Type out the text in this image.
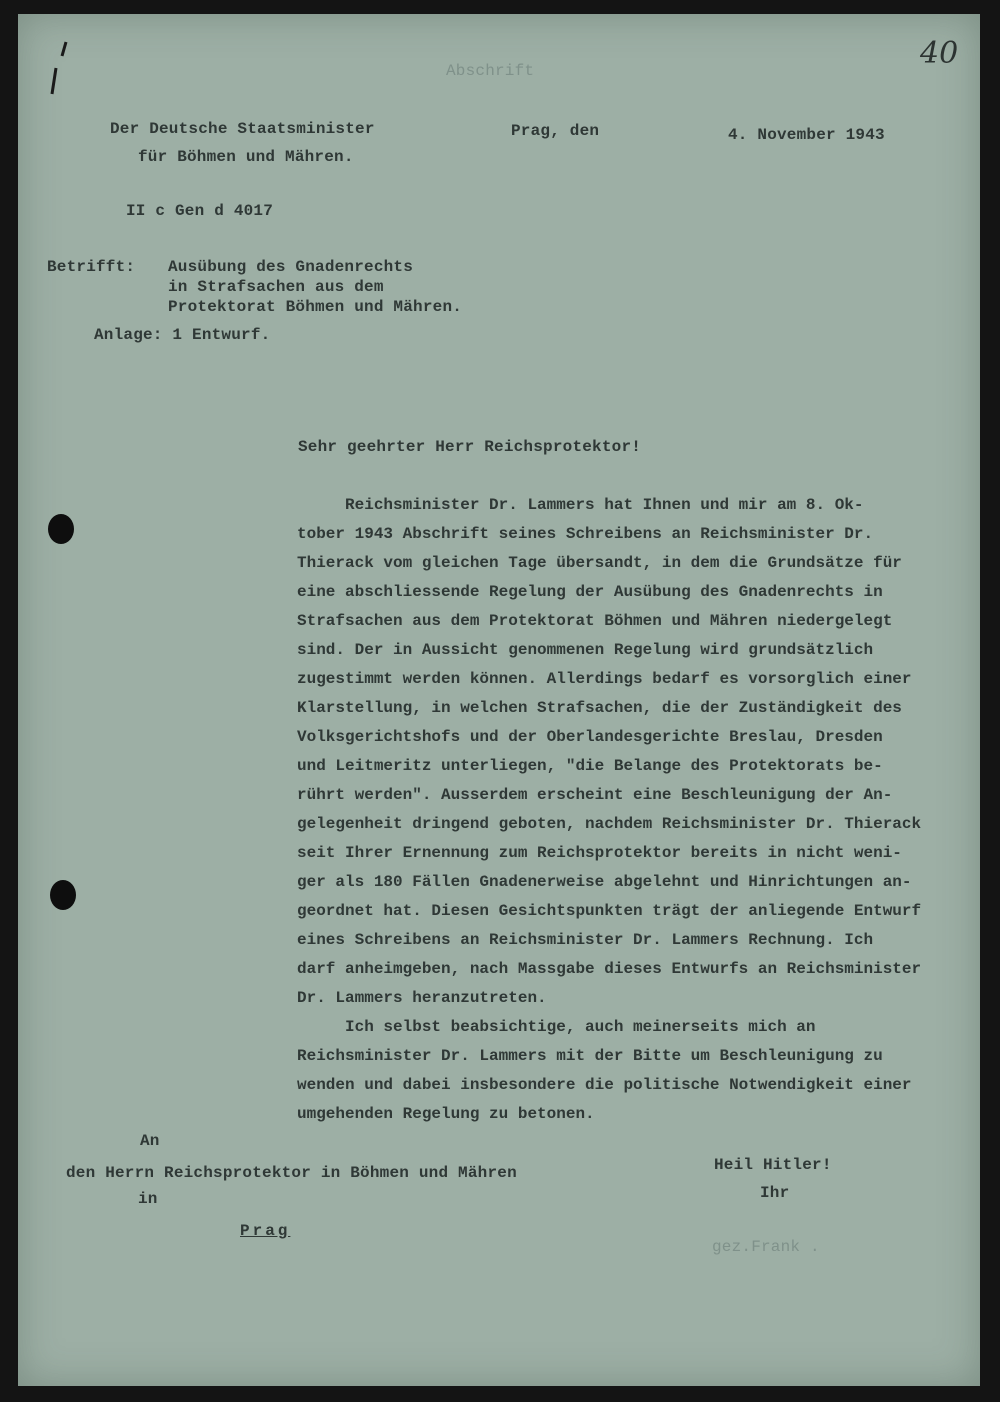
40
Abschrift
Der Deutsche Staatsminister
für Böhmen und Mähren.
Prag, den	4. November 1943
II c Gen d 4017
Betrifft: Ausübung des Gnadenrechts
in Strafsachen aus dem
Protektorat Böhmen und Mähren.
Anlage: 1 Entwurf.
Sehr geehrter Herr Reichsprotektor!
Reichsminister Dr. Lammers hat Ihnen und mir am 8. Ok-
tober 1943 Abschrift seines Schreibens an Reichsminister Dr.
Thierack vom gleichen Tage übersandt, in dem die Grundsätze für
eine abschliessende Regelung der Ausübung des Gnadenrechts in
Strafsachen aus dem Protektorat Böhmen und Mähren niedergelegt
sind. Der in Aussicht genommenen Regelung wird grundsätzlich
zugestimmt werden können. Allerdings bedarf es vorsorglich einer
Klarstellung, in welchen Strafsachen, die der Zuständigkeit des
Volksgerichtshofs und der Oberlandesgerichte Breslau, Dresden
und Leitmeritz unterliegen, "die Belange des Protektorats be-
rührt werden". Ausserdem erscheint eine Beschleunigung der An-
gelegenheit dringend geboten, nachdem Reichsminister Dr. Thierack
seit Ihrer Ernennung zum Reichsprotektor bereits in nicht weni-
ger als 180 Fällen Gnadenerweise abgelehnt und Hinrichtungen an-
geordnet hat. Diesen Gesichtspunkten trägt der anliegende Entwurf
eines Schreibens an Reichsminister Dr. Lammers Rechnung. Ich
darf anheimgeben, nach Massgabe dieses Entwurfs an Reichsminister
Dr. Lammers heranzutreten.
Ich selbst beabsichtige, auch meinerseits mich an
Reichsminister Dr. Lammers mit der Bitte um Beschleunigung zu
wenden und dabei insbesondere die politische Notwendigkeit einer
umgehenden Regelung zu betonen.
An
den Herrn Reichsprotektor in Böhmen und Mähren
in
Prag
Heil Hitler!
Ihr
gez.Frank .
